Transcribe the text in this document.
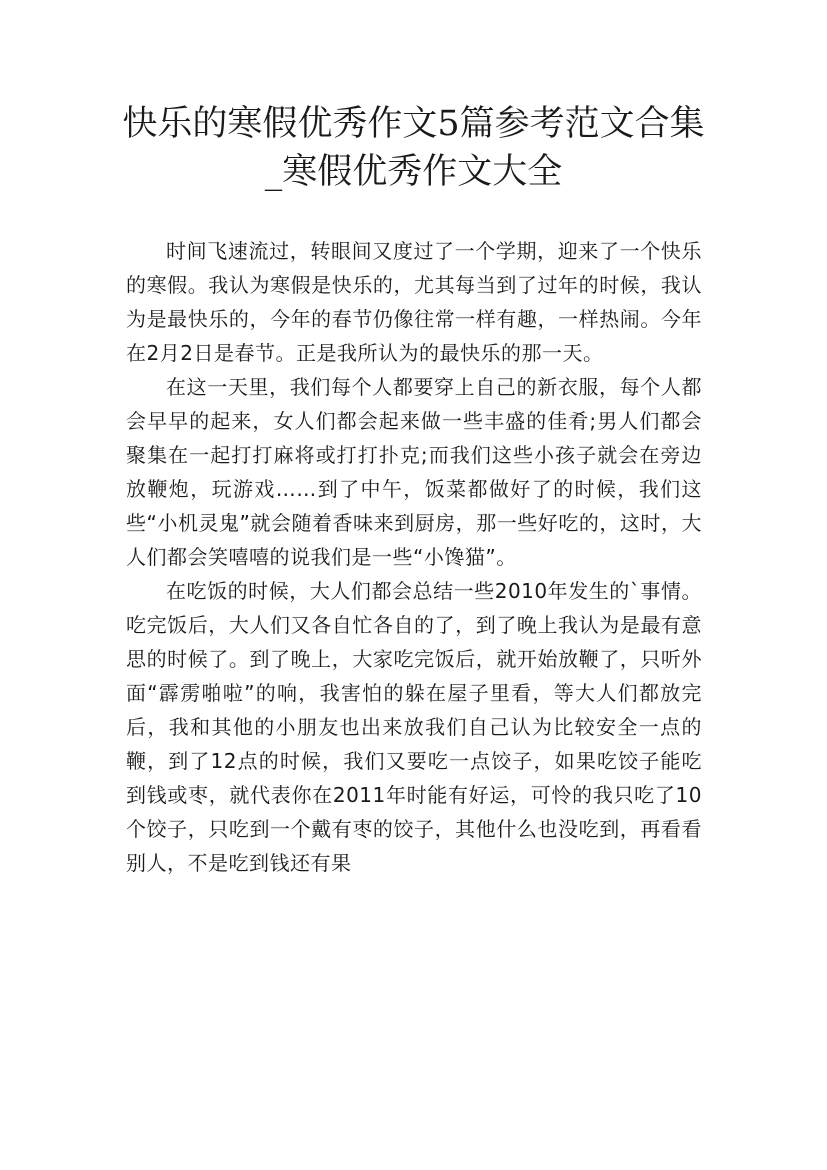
快乐的寒假优秀作文5篇参考范文合集_寒假优秀作文大全

时间飞速流过，转眼间又度过了一个学期，迎来了一个快乐的寒假。我认为寒假是快乐的，尤其每当到了过年的时候，我认为是最快乐的，今年的春节仍像往常一样有趣，一样热闹。今年在2月2日是春节。正是我所认为的最快乐的那一天。

在这一天里，我们每个人都要穿上自己的新衣服，每个人都会早早的起来，女人们都会起来做一些丰盛的佳肴;男人们都会聚集在一起打打麻将或打打扑克;而我们这些小孩子就会在旁边放鞭炮，玩游戏……到了中午，饭菜都做好了的时候，我们这些“小机灵鬼”就会随着香味来到厨房，那一些好吃的，这时，大人们都会笑嘻嘻的说我们是一些“小馋猫”。

在吃饭的时候，大人们都会总结一些2010年发生的`事情。吃完饭后，大人们又各自忙各自的了，到了晚上我认为是最有意思的时候了。到了晚上，大家吃完饭后，就开始放鞭了，只听外面“霹雳啪啦”的响，我害怕的躲在屋子里看，等大人们都放完后，我和其他的小朋友也出来放我们自己认为比较安全一点的鞭，到了12点的时候，我们又要吃一点饺子，如果吃饺子能吃到钱或枣，就代表你在2011年时能有好运，可怜的我只吃了10个饺子，只吃到一个戴有枣的饺子，其他什么也没吃到，再看看别人，不是吃到钱还有果
